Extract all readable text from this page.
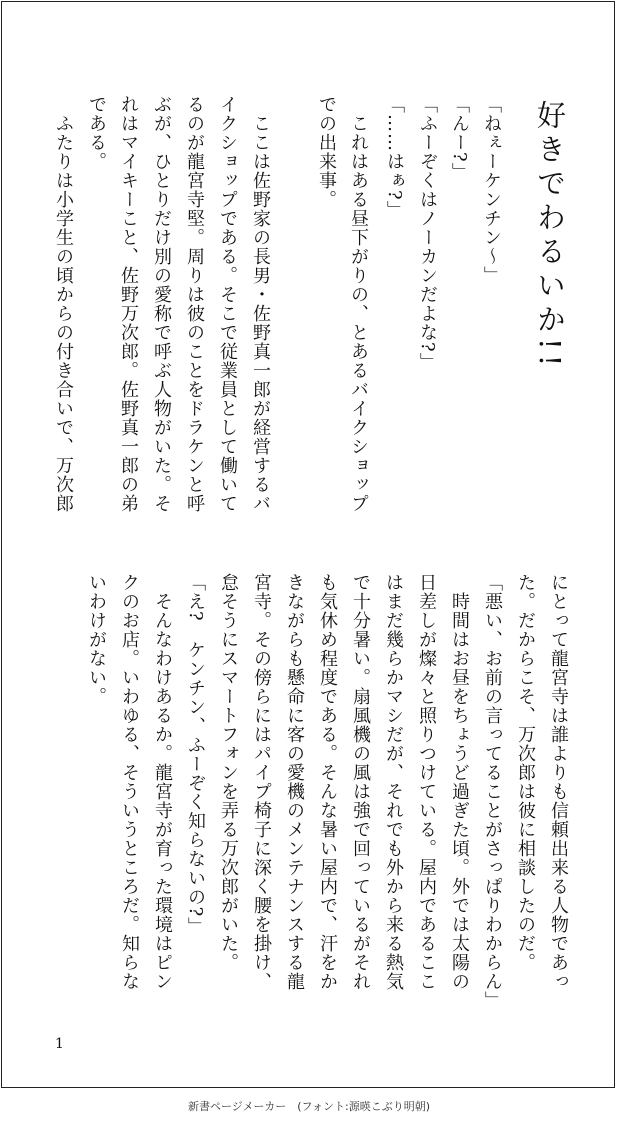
好きでわるいか!!
「ねぇーケンチン〜」
「んー?」
「ふーぞくはノーカンだよな?」
「……はぁ?」
　これはある昼下がりの、とあるバイクショップ
での出来事。
　ここは佐野家の長男・佐野真一郎が経営するバ
イクショップである。そこで従業員として働いて
るのが龍宮寺堅。周りは彼のことをドラケンと呼
ぶが、ひとりだけ別の愛称で呼ぶ人物がいた。そ
れはマイキーこと、佐野万次郎。佐野真一郎の弟
である。
　ふたりは小学生の頃からの付き合いで、万次郎
にとって龍宮寺は誰よりも信頼出来る人物であっ
た。だからこそ、万次郎は彼に相談したのだ。
「悪い、お前の言ってることがさっぱりわからん」
　時間はお昼をちょうど過ぎた頃。外では太陽の
日差しが燦々と照りつけている。屋内であるここ
はまだ幾らかマシだが、それでも外から来る熱気
で十分暑い。扇風機の風は強で回っているがそれ
も気休め程度である。そんな暑い屋内で、汗をか
きながらも懸命に客の愛機のメンテナンスする龍
宮寺。その傍らにはパイプ椅子に深く腰を掛け、
怠そうにスマートフォンを弄る万次郎がいた。
「え?　ケンチン、ふーぞく知らないの?」
　そんなわけあるか。龍宮寺が育った環境はピン
クのお店。いわゆる、そういうところだ。知らな
いわけがない。
1
新書ページメーカー　(フォント:源暎こぶり明朝)
